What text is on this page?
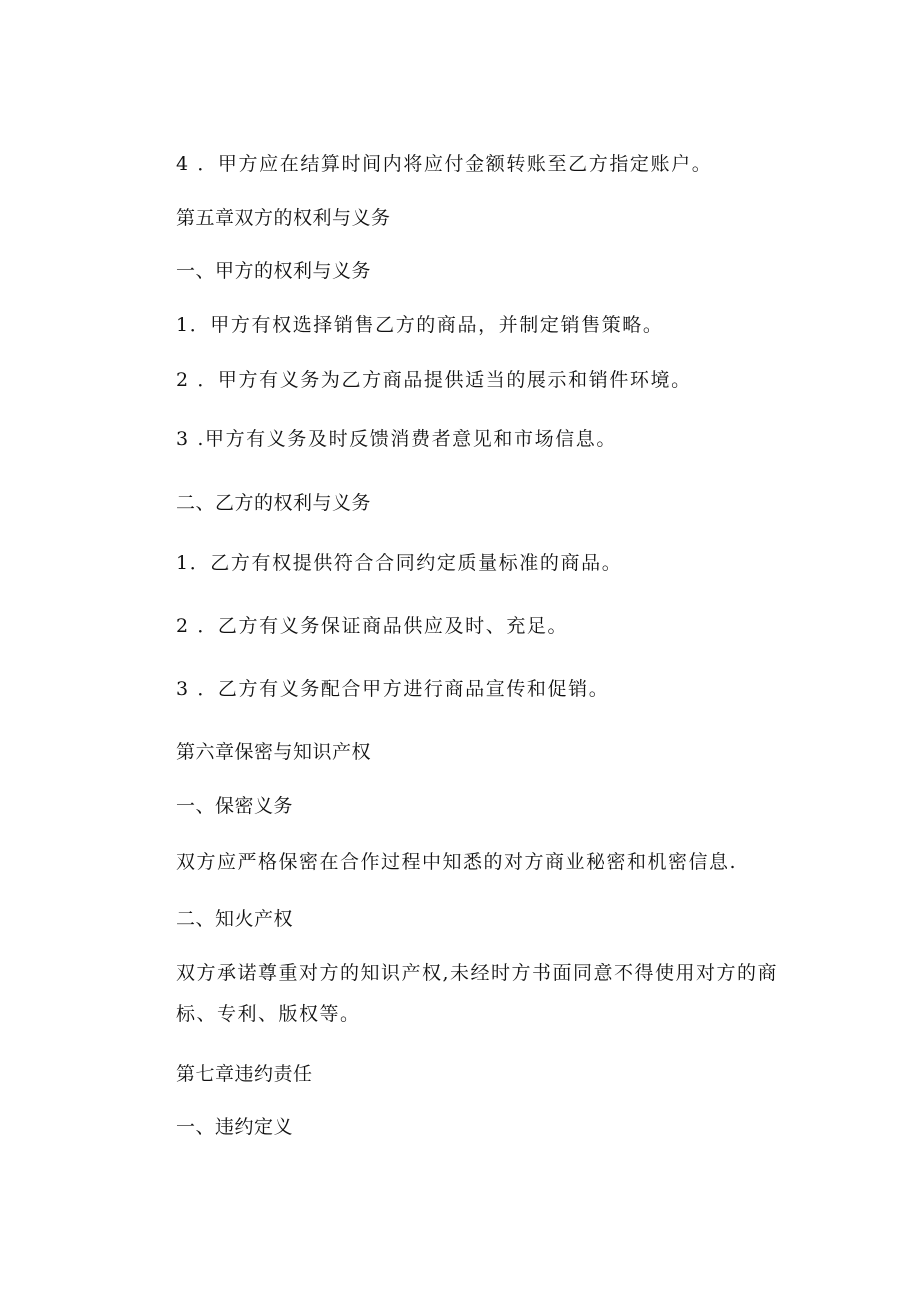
4 ．甲方应在结算时间内将应付金额转账至乙方指定账户。
第五章双方的权利与义务
一、甲方的权利与义务
1．甲方有权选择销售乙方的商品，并制定销售策略。
2 ．甲方有义务为乙方商品提供适当的展示和销件环境。
3 .甲方有义务及时反馈消费者意见和市场信息。
二、乙方的权利与义务
1．乙方有权提供符合合同约定质量标准的商品。
2 ．乙方有义务保证商品供应及时、充足。
3 ．乙方有义务配合甲方进行商品宣传和促销。
第六章保密与知识产权
一、保密义务
双方应严格保密在合作过程中知悉的对方商业秘密和机密信息.
二、知火产权
双方承诺尊重对方的知识产权,未经时方书面同意不得使用对方的商
标、专利、版权等。
第七章违约责任
一、违约定义
